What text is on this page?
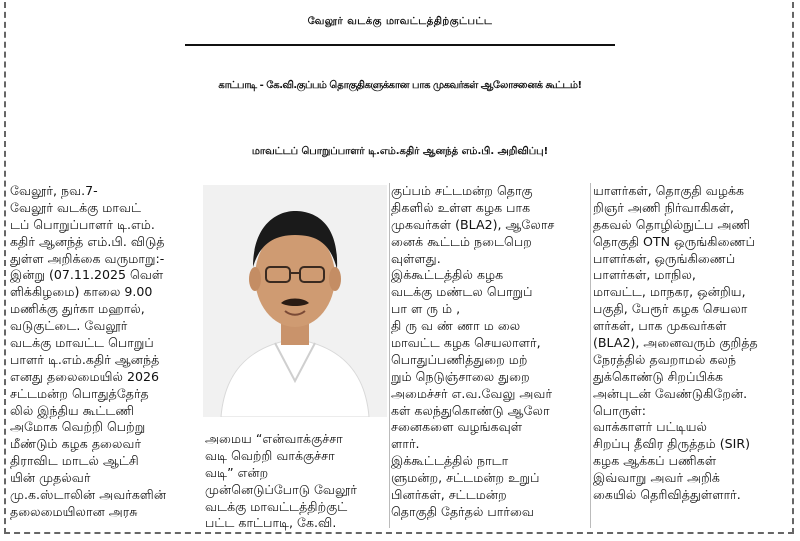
வேலூர் வடக்கு மாவட்டத்திற்குட்பட்ட
காட்பாடி - கே.வி.குப்பம் தொகுதிகளுக்கான பாக முகவர்கள் ஆலோசனைக் கூட்டம்!
மாவட்டப் பொறுப்பாளர் டி.எம்.கதிர் ஆனந்த் எம்.பி. அறிவிப்பு!
வேலூர், நவ.7-
வேலூர் வடக்கு மாவட்
டப் பொறுப்பாளர் டி.எம்.
கதிர் ஆனந்த் எம்.பி. விடுத்
துள்ள அறிக்கை வருமாறு:-
இன்று (07.11.2025 வெள்
ளிக்கிழமை) காலை 9.00
மணிக்கு துர்கா மஹால்,
வடுகுட்டை. வேலூர்
வடக்கு மாவட்ட பொறுப்
பாளர் டி.எம்.கதிர் ஆனந்த்
எனது தலைமையில் 2026
சட்டமன்ற பொதுத்தேர்த
லில் இந்திய கூட்டணி
அமோக வெற்றி பெற்று
மீண்டும் கழக தலைவர்
திராவிட மாடல் ஆட்சி
யின் முதல்வர்
மு.க.ஸ்டாலின் அவர்களின்
தலைமையிலான அரசு
அமைய “என்வாக்குச்சா
வடி வெற்றி வாக்குச்சா
வடி” என்ற
முன்னெடுப்போடு வேலூர்
வடக்கு மாவட்டத்திற்குட்
பட்ட காட்பாடி, கே.வி.
குப்பம் சட்டமன்ற தொகு
திகளில் உள்ள கழக பாக
முகவர்கள் (BLA2), ஆலோச
னைக் கூட்டம் நடைபெற
வுள்ளது.
இக்கூட்டத்தில் கழக
வடக்கு மண்டல பொறுப்
பா ள ரு ம் ,
தி ரு வ ண் ணா ம லை
மாவட்ட கழக செயலாளர்,
பொதுப்பணித்துறை மற்
றும் நெடுஞ்சாலை துறை
அமைச்சர் எ.வ.வேலு அவர்
கள் கலந்துகொண்டு ஆலோ
சனைகளை வழங்கவுள்
ளார்.
இக்கூட்டத்தில் நாடா
ளுமன்ற, சட்டமன்ற உறுப்
பினர்கள், சட்டமன்ற
தொகுதி தேர்தல் பார்வை
யாளர்கள், தொகுதி வழக்க
றிஞர் அணி நிர்வாகிகள்,
தகவல் தொழில்நுட்ப அணி
தொகுதி OTN ஒருங்கிணைப்
பாளர்கள், ஒருங்கிணைப்
பாளர்கள், மாநில,
மாவட்ட, மாநகர, ஒன்றிய,
பகுதி, பேரூர் கழக செயலா
ளர்கள், பாக முகவர்கள்
(BLA2), அனைவரும் குறித்த
நேரத்தில் தவறாமல் கலந்
துக்கொண்டு சிறப்பிக்க
அன்புடன் வேண்டுகிறேன்.
பொருள்:
வாக்காளர் பட்டியல்
சிறப்பு தீவிர திருத்தம் (SIR)
கழக ஆக்கப் பணிகள்
இவ்வாறு அவர் அறிக்
கையில் தெரிவித்துள்ளார்.
